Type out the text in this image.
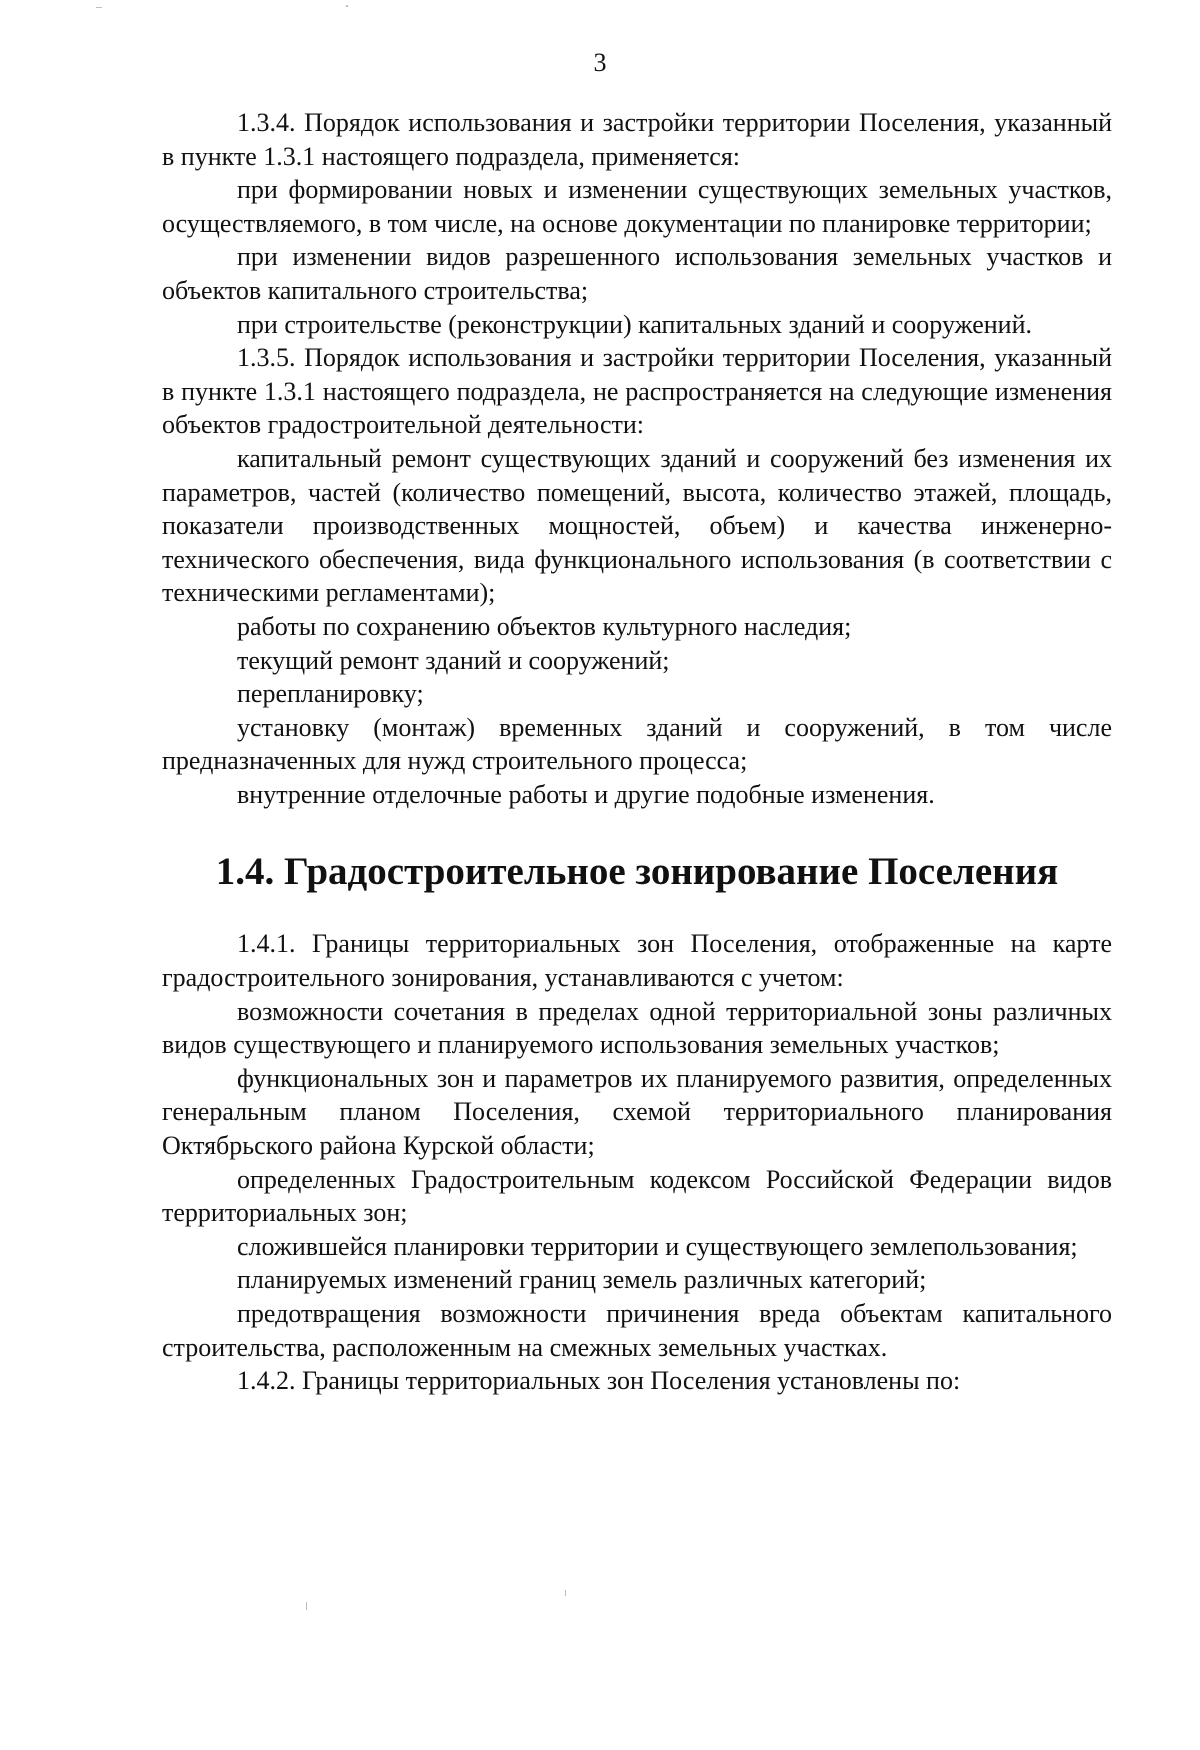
3

1.3.4. Порядок использования и застройки территории Поселения, указанный в пункте 1.3.1 настоящего подраздела, применяется:

при формировании новых и изменении существующих земельных участков, осуществляемого, в том числе, на основе документации по планировке территории;

при изменении видов разрешенного использования земельных участков и объектов капитального строительства;

при строительстве (реконструкции) капитальных зданий и сооружений.

1.3.5. Порядок использования и застройки территории Поселения, указанный в пункте 1.3.1 настоящего подраздела, не распространяется на следующие изменения объектов градостроительной деятельности:

капитальный ремонт существующих зданий и сооружений без изменения их параметров, частей (количество помещений, высота, количество этажей, площадь, показатели производственных мощностей, объем) и качества инженерно-технического обеспечения, вида функционального использования (в соответствии с техническими регламентами);

работы по сохранению объектов культурного наследия;

текущий ремонт зданий и сооружений;

перепланировку;

установку (монтаж) временных зданий и сооружений, в том числе предназначенных для нужд строительного процесса;

внутренние отделочные работы и другие подобные изменения.

1.4. Градостроительное зонирование Поселения

1.4.1. Границы территориальных зон Поселения, отображенные на карте градостроительного зонирования, устанавливаются с учетом:

возможности сочетания в пределах одной территориальной зоны различных видов существующего и планируемого использования земельных участков;

функциональных зон и параметров их планируемого развития, определенных генеральным планом Поселения, схемой территориального планирования Октябрьского района Курской области;

определенных Градостроительным кодексом Российской Федерации видов территориальных зон;

сложившейся планировки территории и существующего землепользования;

планируемых изменений границ земель различных категорий;

предотвращения возможности причинения вреда объектам капитального строительства, расположенным на смежных земельных участках.

1.4.2. Границы территориальных зон Поселения установлены по:
